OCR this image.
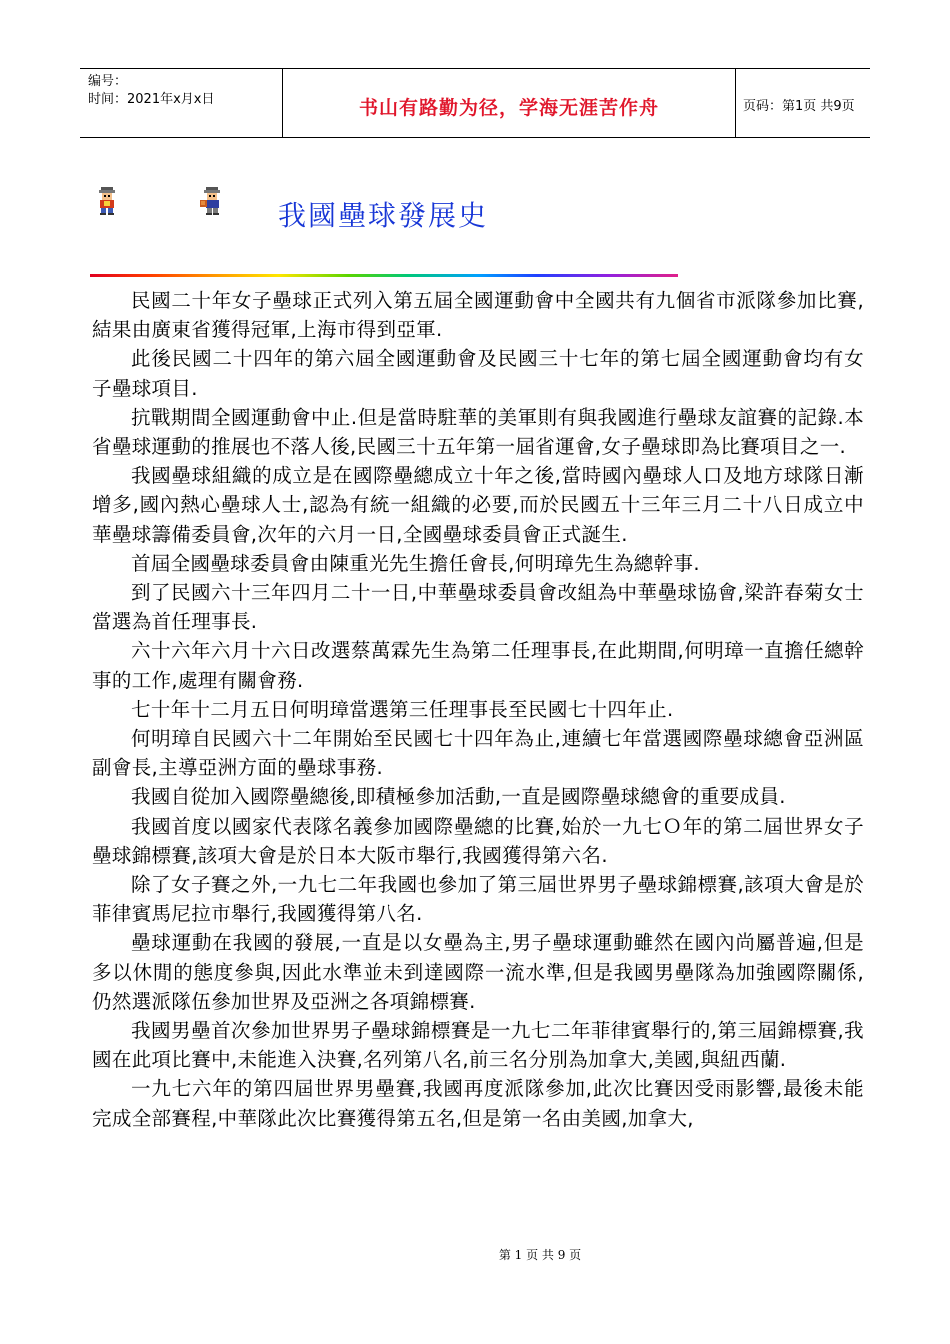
编号：
时间：2021年x月x日	书山有路勤为径，学海无涯苦作舟	页码：第1页 共9页
我國壘球發展史

民國二十年女子壘球正式列入第五屆全國運動會中全國共有九個省市派隊參加比賽,結果由廣東省獲得冠軍,上海市得到亞軍.

此後民國二十四年的第六屆全國運動會及民國三十七年的第七屆全國運動會均有女子壘球項目.

抗戰期間全國運動會中止.但是當時駐華的美軍則有與我國進行壘球友誼賽的記錄.本省壘球運動的推展也不落人後,民國三十五年第一屆省運會,女子壘球即為比賽項目之一.

我國壘球組織的成立是在國際壘總成立十年之後,當時國內壘球人口及地方球隊日漸增多,國內熱心壘球人士,認為有統一組織的必要,而於民國五十三年三月二十八日成立中華壘球籌備委員會,次年的六月一日,全國壘球委員會正式誕生.

首屆全國壘球委員會由陳重光先生擔任會長,何明璋先生為總幹事.

到了民國六十三年四月二十一日,中華壘球委員會改組為中華壘球協會,梁許春菊女士當選為首任理事長.

六十六年六月十六日改選蔡萬霖先生為第二任理事長,在此期間,何明璋一直擔任總幹事的工作,處理有關會務.

七十年十二月五日何明璋當選第三任理事長至民國七十四年止.

何明璋自民國六十二年開始至民國七十四年為止,連續七年當選國際壘球總會亞洲區副會長,主導亞洲方面的壘球事務.

我國自從加入國際壘總後,即積極參加活動,一直是國際壘球總會的重要成員.

我國首度以國家代表隊名義參加國際壘總的比賽,始於一九七Ｏ年的第二屆世界女子壘球錦標賽,該項大會是於日本大阪市舉行,我國獲得第六名.

除了女子賽之外,一九七二年我國也參加了第三屆世界男子壘球錦標賽,該項大會是於菲律賓馬尼拉市舉行,我國獲得第八名.

壘球運動在我國的發展,一直是以女壘為主,男子壘球運動雖然在國內尚屬普遍,但是多以休閒的態度參與,因此水準並未到達國際一流水準,但是我國男壘隊為加強國際關係,仍然選派隊伍參加世界及亞洲之各項錦標賽.

我國男壘首次參加世界男子壘球錦標賽是一九七二年菲律賓舉行的,第三屆錦標賽,我國在此項比賽中,未能進入決賽,名列第八名,前三名分別為加拿大,美國,與紐西蘭.

一九七六年的第四屆世界男壘賽,我國再度派隊參加,此次比賽因受雨影響,最後未能完成全部賽程,中華隊此次比賽獲得第五名,但是第一名由美國,加拿大,

第 1 页 共 9 页
